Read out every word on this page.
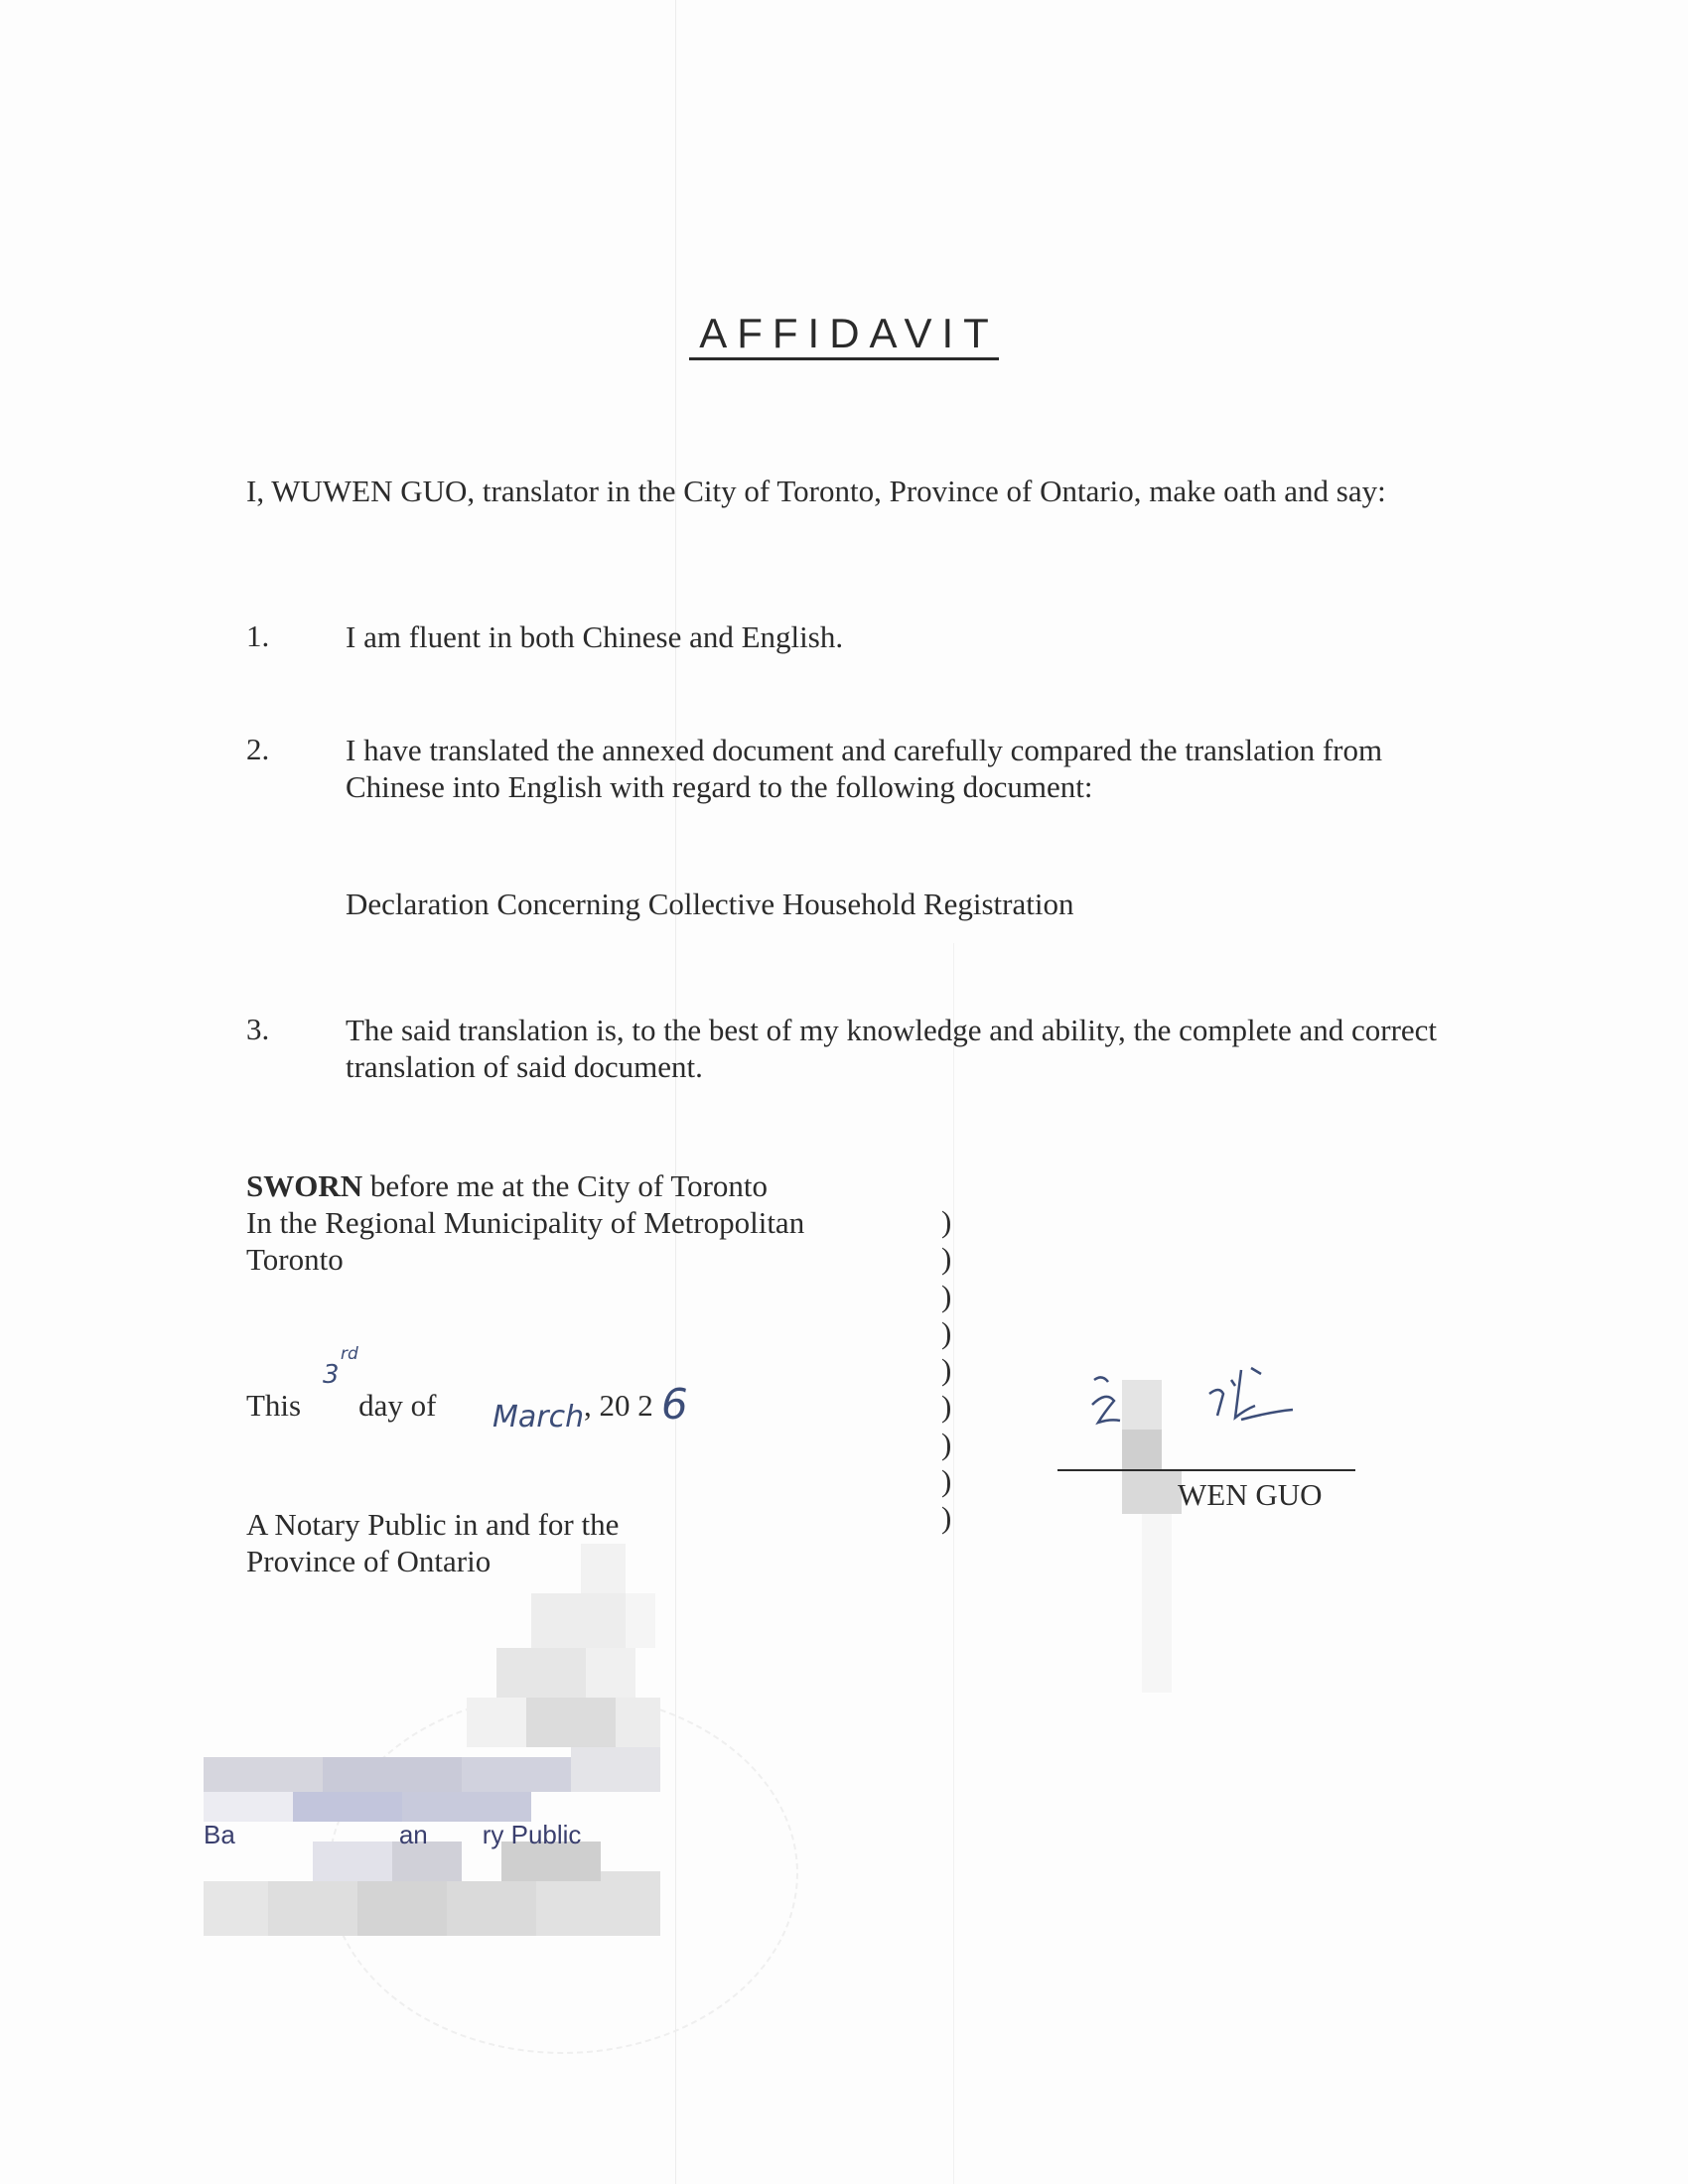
AFFIDAVIT
I, WUWEN GUO, translator in the City of Toronto, Province of Ontario, make oath and say:
1. I am fluent in both Chinese and English.
2. I have translated the annexed document and carefully compared the translation from Chinese into English with regard to the following document:
Declaration Concerning Collective Household Registration
3. The said translation is, to the best of my knowledge and ability, the complete and correct translation of said document.
SWORN before me at the City of Toronto
In the Regional Municipality of Metropolitan
Toronto
)
)
)
)
)
)
)
)
)
This day of
3
rd
March , 20 2 6
A Notary Public in and for the
Province of Ontario
WEN GUO
Ba	an ry Public
